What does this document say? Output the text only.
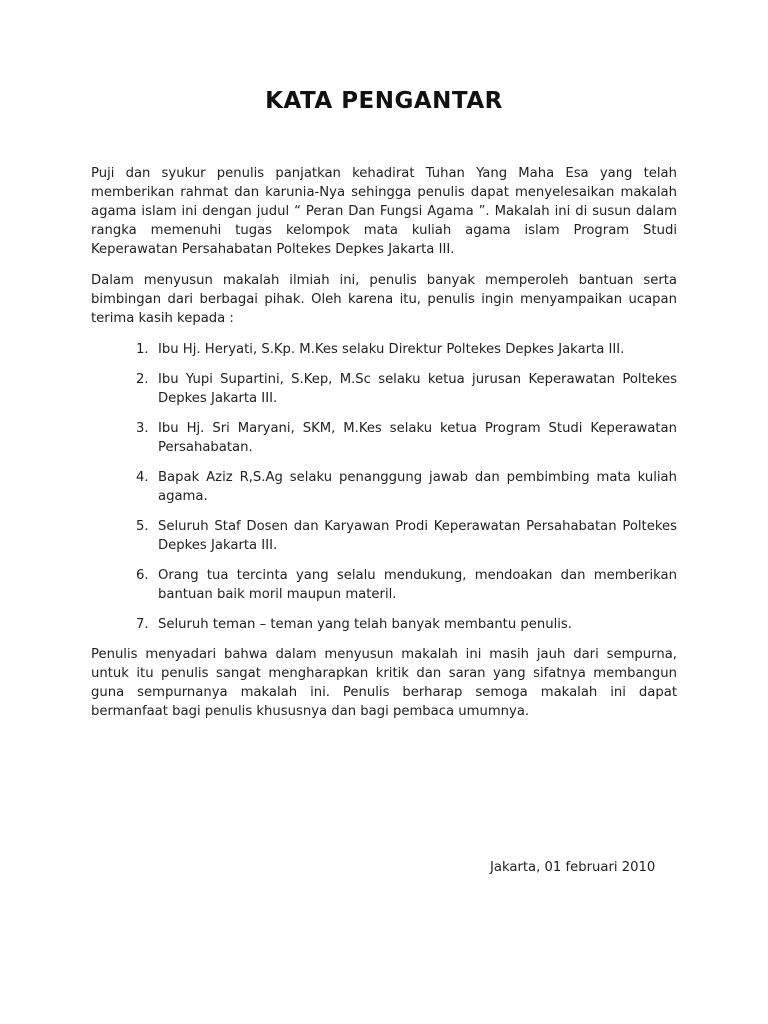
KATA PENGANTAR

Puji dan syukur penulis panjatkan kehadirat Tuhan Yang Maha Esa yang telah memberikan rahmat dan karunia-Nya sehingga penulis dapat menyelesaikan makalah agama islam ini dengan judul “ Peran Dan Fungsi Agama ”. Makalah ini di susun dalam rangka memenuhi tugas kelompok mata kuliah agama islam Program Studi Keperawatan Persahabatan Poltekes Depkes Jakarta III.

Dalam menyusun makalah ilmiah ini, penulis banyak memperoleh bantuan serta bimbingan dari berbagai pihak. Oleh karena itu, penulis ingin menyampaikan ucapan terima kasih kepada :

1. Ibu Hj. Heryati, S.Kp. M.Kes selaku Direktur Poltekes Depkes Jakarta III.
2. Ibu Yupi Supartini, S.Kep, M.Sc selaku ketua jurusan Keperawatan Poltekes Depkes Jakarta III.
3. Ibu Hj. Sri Maryani, SKM, M.Kes selaku ketua Program Studi Keperawatan Persahabatan.
4. Bapak Aziz R,S.Ag selaku penanggung jawab dan pembimbing mata kuliah agama.
5. Seluruh Staf Dosen dan Karyawan Prodi Keperawatan Persahabatan Poltekes Depkes Jakarta III.
6. Orang tua tercinta yang selalu mendukung, mendoakan dan memberikan bantuan baik moril maupun materil.
7. Seluruh teman – teman yang telah banyak membantu penulis.

Penulis menyadari bahwa dalam menyusun makalah ini masih jauh dari sempurna, untuk itu penulis sangat mengharapkan kritik dan saran yang sifatnya membangun guna sempurnanya makalah ini. Penulis berharap semoga makalah ini dapat bermanfaat bagi penulis khususnya dan bagi pembaca umumnya.

Jakarta, 01 februari 2010
